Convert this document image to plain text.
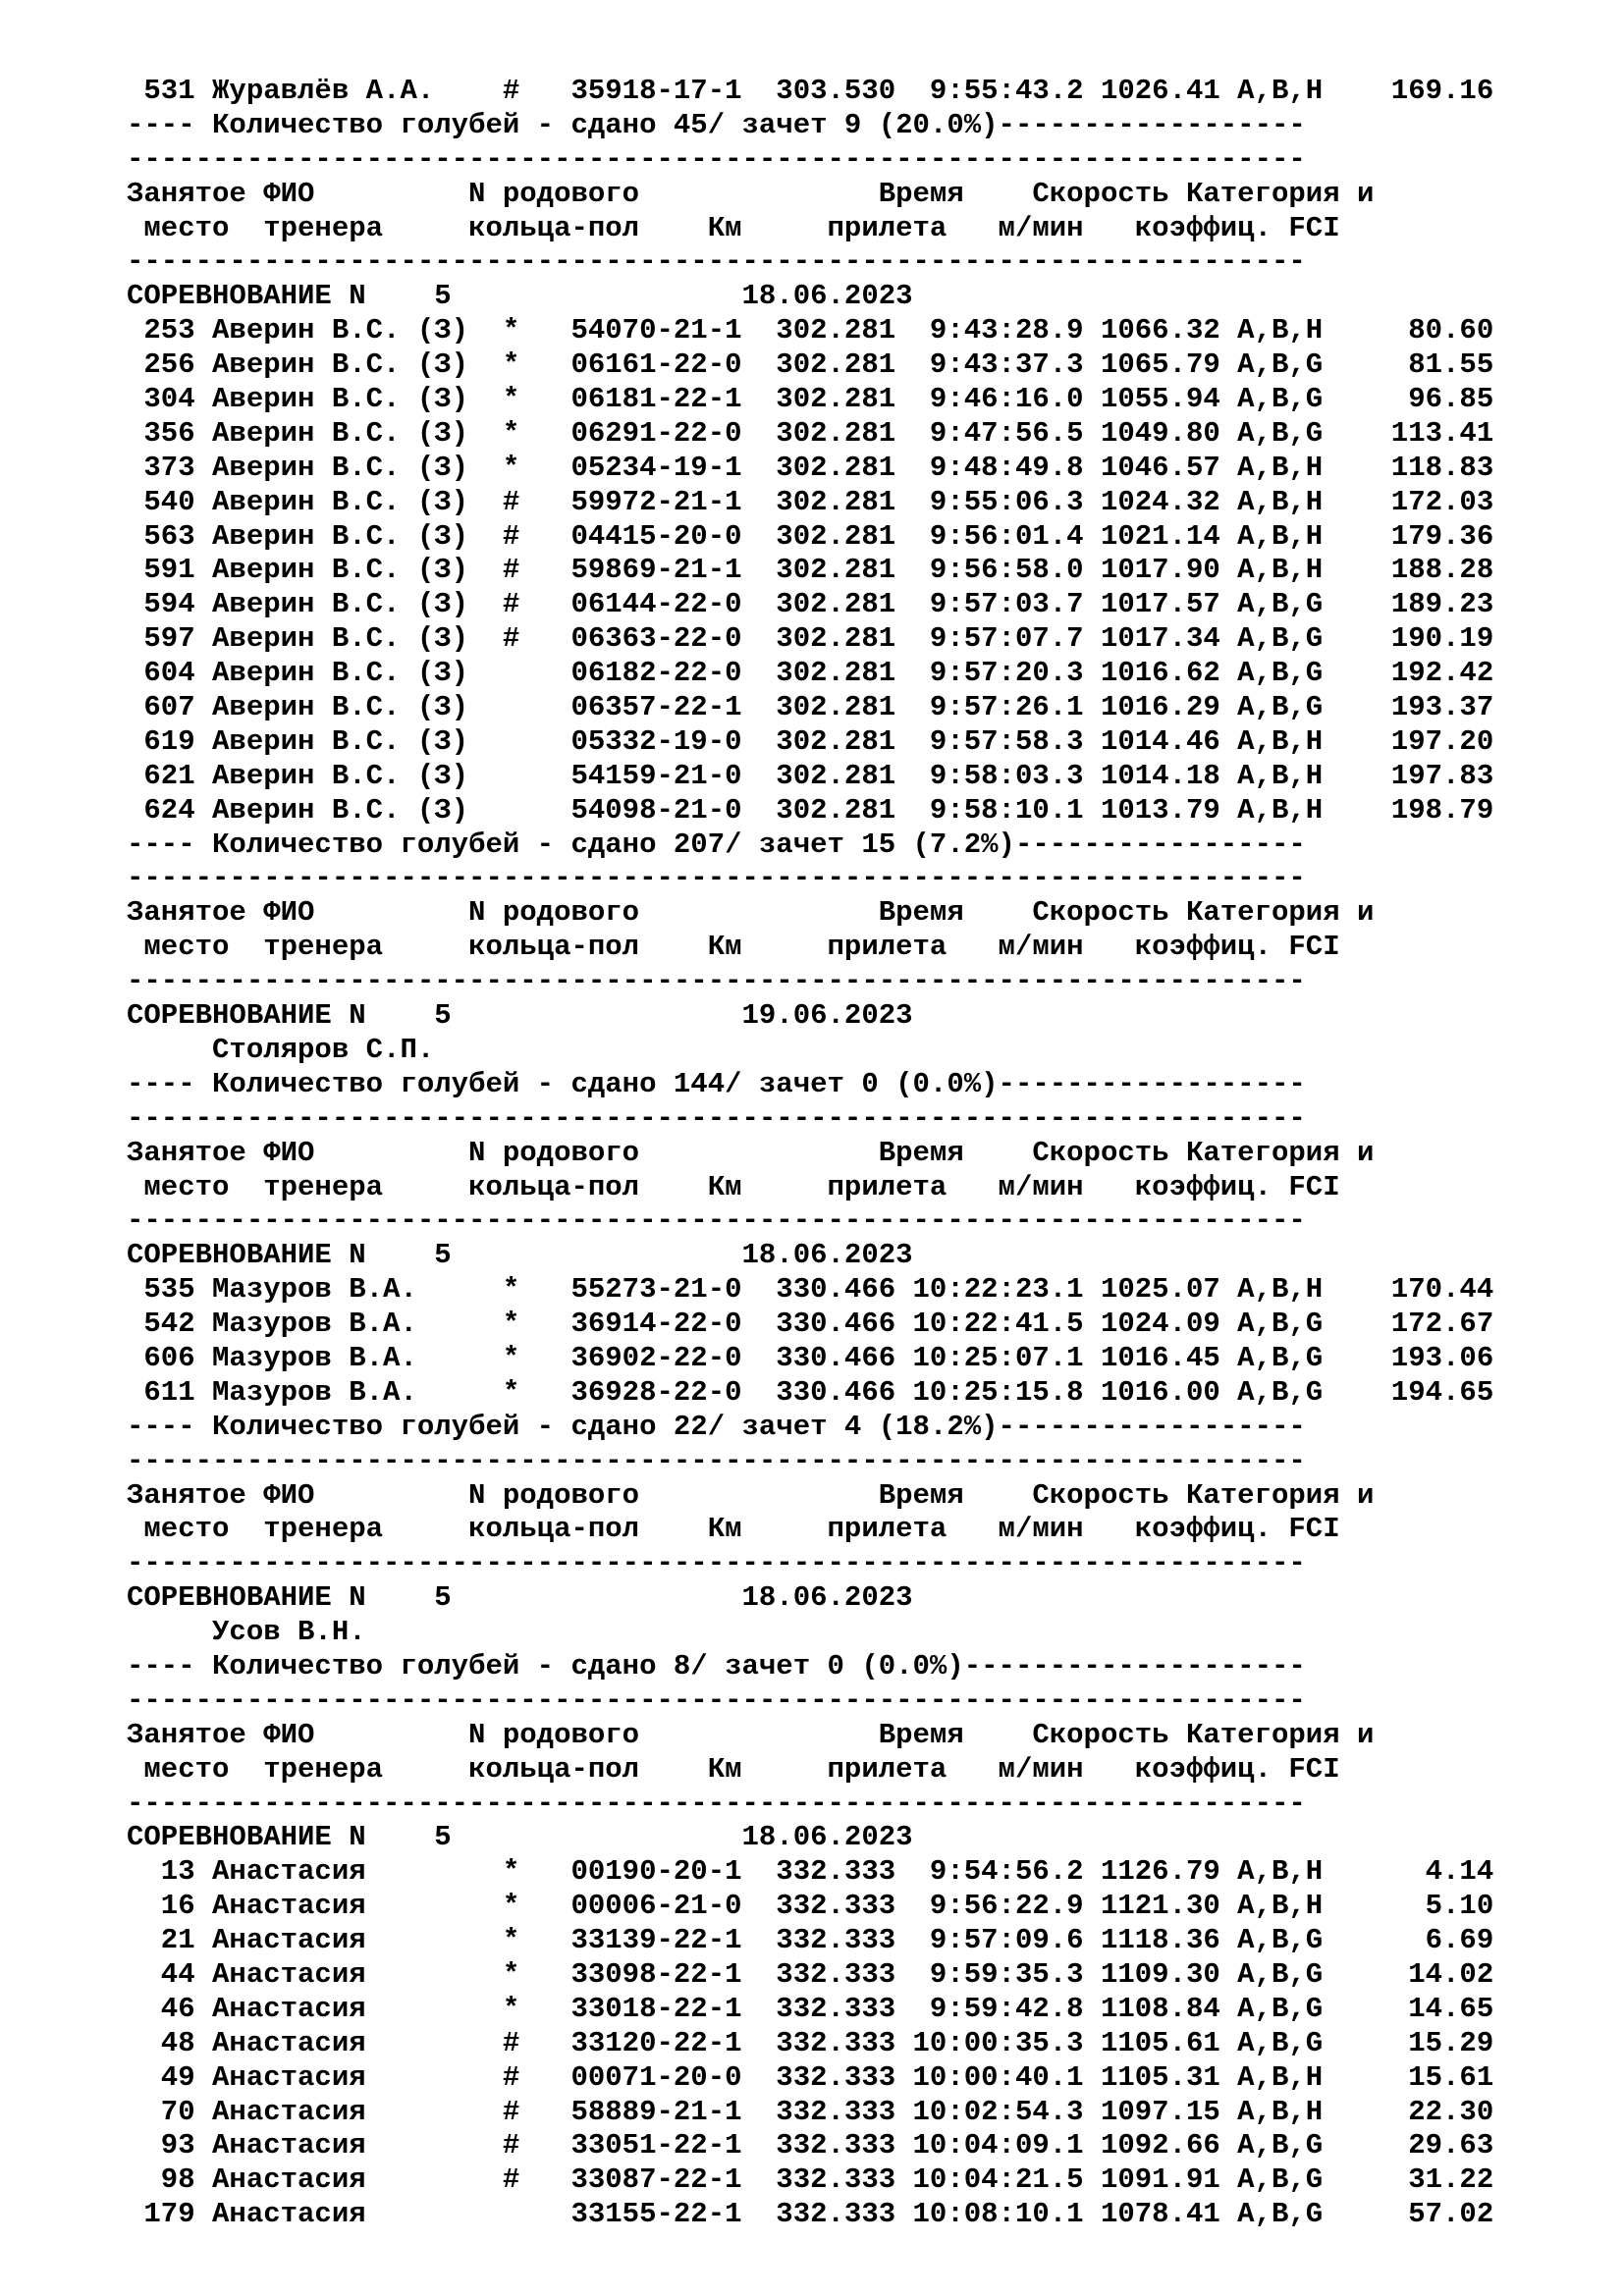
531 Журавлёв А.А.    #   35918-17-1  303.530  9:55:43.2 1026.41 A,B,H    169.16
---- Количество голубей - сдано 45/ зачет 9 (20.0%)------------------
---------------------------------------------------------------------
Занятое ФИО         N родового              Время    Скорость Категория и
место  тренера     кольца-пол    Км     прилета   м/мин   коэффиц. FCI
---------------------------------------------------------------------
СОРЕВНОВАНИЕ N    5                 18.06.2023
253 Аверин В.С. (З)  *   54070-21-1  302.281  9:43:28.9 1066.32 A,B,H     80.60
256 Аверин В.С. (З)  *   06161-22-0  302.281  9:43:37.3 1065.79 A,B,G     81.55
304 Аверин В.С. (З)  *   06181-22-1  302.281  9:46:16.0 1055.94 A,B,G     96.85
356 Аверин В.С. (З)  *   06291-22-0  302.281  9:47:56.5 1049.80 A,B,G    113.41
373 Аверин В.С. (З)  *   05234-19-1  302.281  9:48:49.8 1046.57 A,B,H    118.83
540 Аверин В.С. (З)  #   59972-21-1  302.281  9:55:06.3 1024.32 A,B,H    172.03
563 Аверин В.С. (З)  #   04415-20-0  302.281  9:56:01.4 1021.14 A,B,H    179.36
591 Аверин В.С. (З)  #   59869-21-1  302.281  9:56:58.0 1017.90 A,B,H    188.28
594 Аверин В.С. (З)  #   06144-22-0  302.281  9:57:03.7 1017.57 A,B,G    189.23
597 Аверин В.С. (З)  #   06363-22-0  302.281  9:57:07.7 1017.34 A,B,G    190.19
604 Аверин В.С. (З)      06182-22-0  302.281  9:57:20.3 1016.62 A,B,G    192.42
607 Аверин В.С. (З)      06357-22-1  302.281  9:57:26.1 1016.29 A,B,G    193.37
619 Аверин В.С. (З)      05332-19-0  302.281  9:57:58.3 1014.46 A,B,H    197.20
621 Аверин В.С. (З)      54159-21-0  302.281  9:58:03.3 1014.18 A,B,H    197.83
624 Аверин В.С. (З)      54098-21-0  302.281  9:58:10.1 1013.79 A,B,H    198.79
---- Количество голубей - сдано 207/ зачет 15 (7.2%)-----------------
---------------------------------------------------------------------
Занятое ФИО         N родового              Время    Скорость Категория и
место  тренера     кольца-пол    Км     прилета   м/мин   коэффиц. FCI
---------------------------------------------------------------------
СОРЕВНОВАНИЕ N    5                 19.06.2023
Столяров С.П.
---- Количество голубей - сдано 144/ зачет 0 (0.0%)------------------
---------------------------------------------------------------------
Занятое ФИО         N родового              Время    Скорость Категория и
место  тренера     кольца-пол    Км     прилета   м/мин   коэффиц. FCI
---------------------------------------------------------------------
СОРЕВНОВАНИЕ N    5                 18.06.2023
535 Мазуров В.А.     *   55273-21-0  330.466 10:22:23.1 1025.07 A,B,H    170.44
542 Мазуров В.А.     *   36914-22-0  330.466 10:22:41.5 1024.09 A,B,G    172.67
606 Мазуров В.А.     *   36902-22-0  330.466 10:25:07.1 1016.45 A,B,G    193.06
611 Мазуров В.А.     *   36928-22-0  330.466 10:25:15.8 1016.00 A,B,G    194.65
---- Количество голубей - сдано 22/ зачет 4 (18.2%)------------------
---------------------------------------------------------------------
Занятое ФИО         N родового              Время    Скорость Категория и
место  тренера     кольца-пол    Км     прилета   м/мин   коэффиц. FCI
---------------------------------------------------------------------
СОРЕВНОВАНИЕ N    5                 18.06.2023
Усов В.Н.
---- Количество голубей - сдано 8/ зачет 0 (0.0%)--------------------
---------------------------------------------------------------------
Занятое ФИО         N родового              Время    Скорость Категория и
место  тренера     кольца-пол    Км     прилета   м/мин   коэффиц. FCI
---------------------------------------------------------------------
СОРЕВНОВАНИЕ N    5                 18.06.2023
13 Анастасия        *   00190-20-1  332.333  9:54:56.2 1126.79 A,B,H      4.14
16 Анастасия        *   00006-21-0  332.333  9:56:22.9 1121.30 A,B,H      5.10
21 Анастасия        *   33139-22-1  332.333  9:57:09.6 1118.36 A,B,G      6.69
44 Анастасия        *   33098-22-1  332.333  9:59:35.3 1109.30 A,B,G     14.02
46 Анастасия        *   33018-22-1  332.333  9:59:42.8 1108.84 A,B,G     14.65
48 Анастасия        #   33120-22-1  332.333 10:00:35.3 1105.61 A,B,G     15.29
49 Анастасия        #   00071-20-0  332.333 10:00:40.1 1105.31 A,B,H     15.61
70 Анастасия        #   58889-21-1  332.333 10:02:54.3 1097.15 A,B,H     22.30
93 Анастасия        #   33051-22-1  332.333 10:04:09.1 1092.66 A,B,G     29.63
98 Анастасия        #   33087-22-1  332.333 10:04:21.5 1091.91 A,B,G     31.22
179 Анастасия            33155-22-1  332.333 10:08:10.1 1078.41 A,B,G     57.02
